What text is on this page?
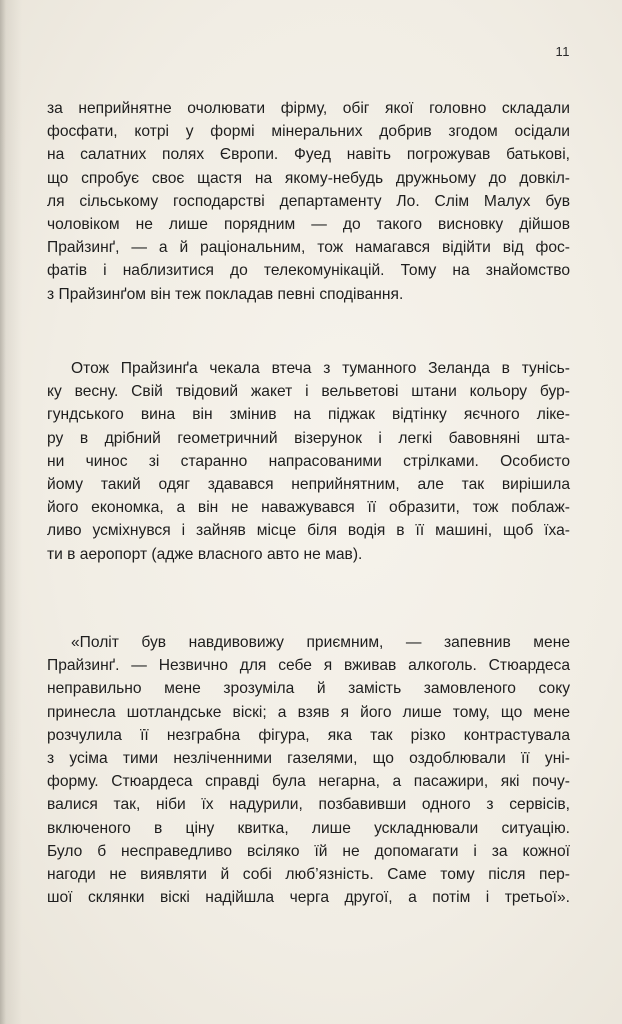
11
за неприйнятне очолювати фірму, обіг якої головно складали
фосфати, котрі у формі мінеральних добрив згодом осідали
на салатних полях Європи. Фуед навіть погрожував батькові,
що спробує своє щастя на якому-небудь дружньому до довкіл-
ля сільському господарстві департаменту Ло. Слім Малух був
чоловіком не лише порядним — до такого висновку дійшов
Прайзинґ, — а й раціональним, тож намагався відійти від фос-
фатів і наблизитися до телекомунікацій. Тому на знайомство
з Прайзинґом він теж покладав певні сподівання.
Отож Прайзинґа чекала втеча з туманного Зеланда в тунісь-
ку весну. Свій твідовий жакет і вельветові штани кольору бур-
гундського вина він змінив на піджак відтінку яєчного лікe-
ру в дрібний геометричний візерунок і легкі бавовняні шта-
ни чинос зі старанно напрасованими стрілками. Особисто
йому такий одяг здавався неприйнятним, але так вирішила
його економка, а він не наважувався її образити, тож поблаж-
ливо усміхнувся і зайняв місце біля водія в її машині, щоб їха-
ти в аеропорт (адже власного авто не мав).
«Політ був навдивовижу приємним, — запевнив мене
Прайзинґ. — Незвично для себе я вживав алкоголь. Стюардеса
неправильно мене зрозуміла й замість замовленого соку
принесла шотландське віскі; а взяв я його лише тому, що мене
розчулила її незграбна фігура, яка так різко контрастувала
з усіма тими незліченними газелями, що оздоблювали її уні-
форму. Стюардеса справді була негарна, а пасажири, які почу-
валися так, ніби їх надурили, позбавивши одного з сервісів,
включеного в ціну квитка, лише ускладнювали ситуацію.
Було б несправедливо всіляко їй не допомагати і за кожної
нагоди не виявляти й собі люб’язність. Саме тому після пер-
шої склянки віскі надійшла черга другої, а потім і третьої».
